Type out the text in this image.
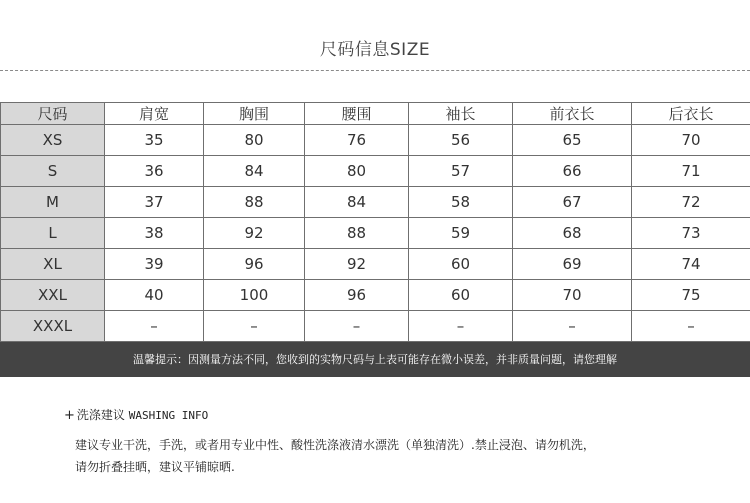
尺码信息SIZE
尺码	肩宽	胸围	腰围	袖长	前衣长	后衣长
XS	35	80	76	56	65	70
S	36	84	80	57	66	71
M	37	88	84	58	67	72
L	38	92	88	59	68	73
XL	39	96	92	60	69	74
XXL	40	100	96	60	70	75
XXXL	–	–	–	–	–	–
温馨提示：因测量方法不同，您收到的实物尺码与上表可能存在微小误差，并非质量问题，请您理解
+ 洗涤建议 WASHING INFO
建议专业干洗，手洗，或者用专业中性、酸性洗涤液清水漂洗（单独清洗）.禁止浸泡、请勿机洗，
请勿折叠挂晒，建议平铺晾晒.
